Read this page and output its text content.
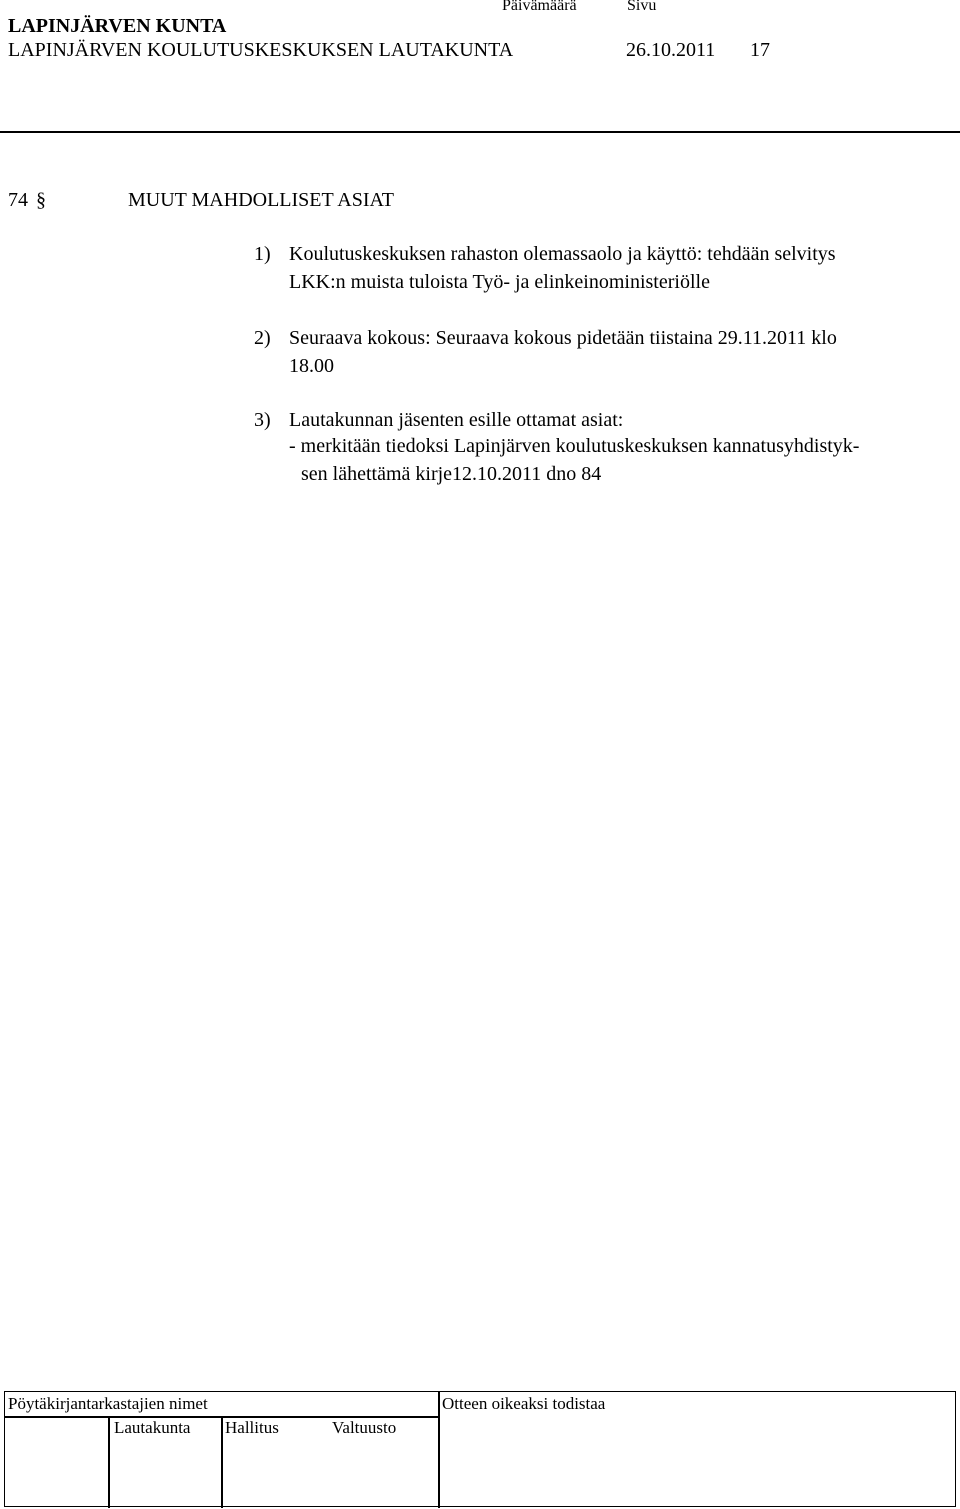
LAPINJÄRVEN KUNTA
LAPINJÄRVEN KOULUTUSKESKUKSEN LAUTAKUNTA
Päivämäärä	Sivu
26.10.2011 17
74 §	MUUT MAHDOLLISET ASIAT
1) Koulutuskeskuksen rahaston olemassaolo ja käyttö: tehdään selvitys
LKK:n muista tuloista Työ- ja elinkeinoministeriölle
2) Seuraava kokous: Seuraava kokous pidetään tiistaina 29.11.2011 klo
18.00
3) Lautakunnan jäsenten esille ottamat asiat:
- merkitään tiedoksi Lapinjärven koulutuskeskuksen kannatusyhdistyk-
sen lähettämä kirje12.10.2011 dno 84
Pöytäkirjantarkastajien nimet	Otteen oikeaksi todistaa
Lautakunta Hallitus	Valtuusto
